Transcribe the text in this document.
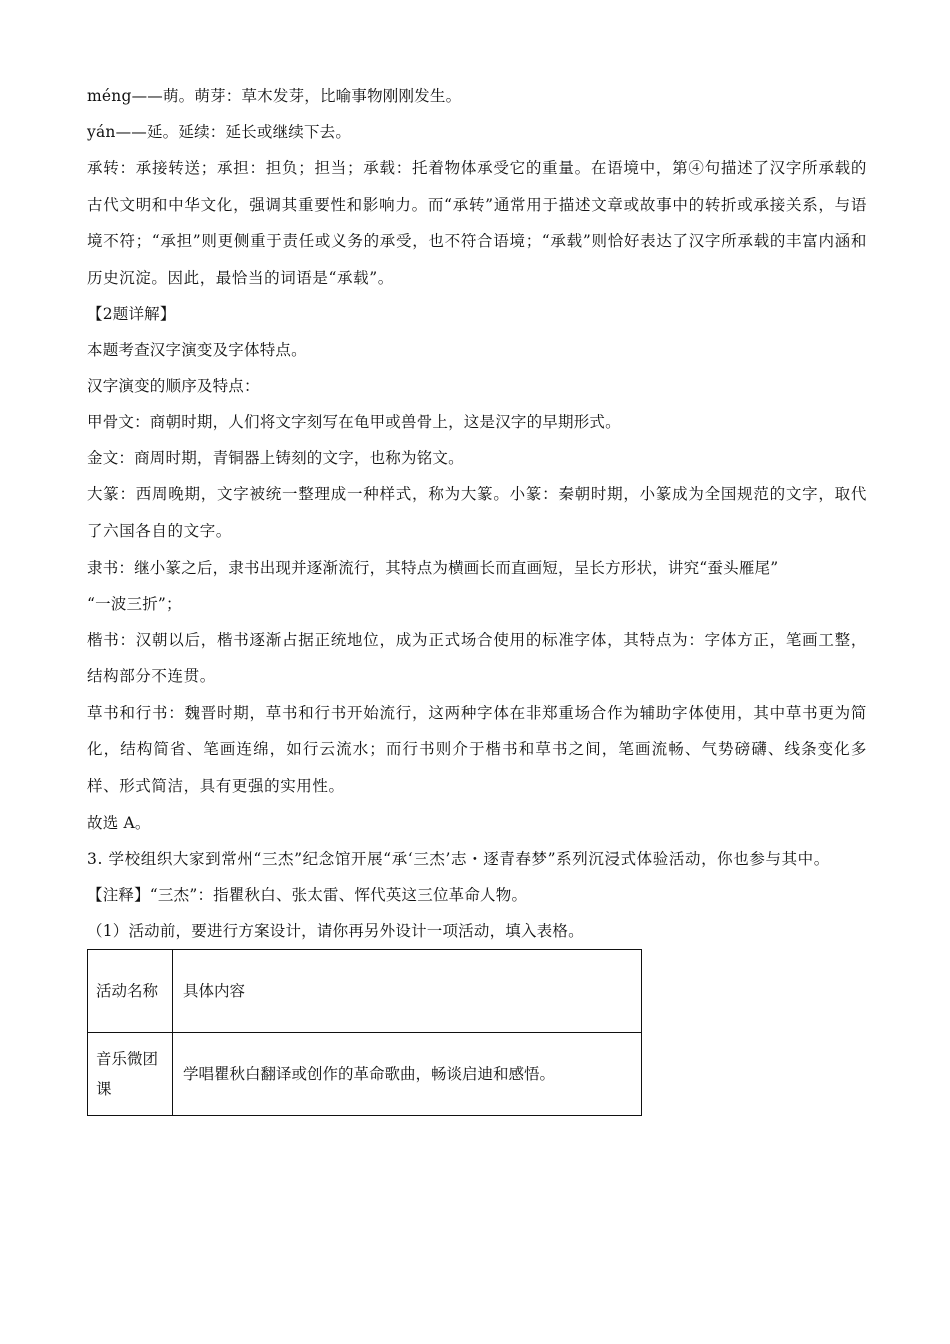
méng——萌。萌芽：草木发芽，比喻事物刚刚发生。
yán——延。延续：延长或继续下去。
承转：承接转送；承担：担负；担当；承载：托着物体承受它的重量。在语境中，第④句描述了汉字所承载的古代文明和中华文化，强调其重要性和影响力。而“承转”通常用于描述文章或故事中的转折或承接关系，与语境不符；“承担”则更侧重于责任或义务的承受，也不符合语境；“承载”则恰好表达了汉字所承载的丰富内涵和历史沉淀。因此，最恰当的词语是“承载”。
【2题详解】
本题考查汉字演变及字体特点。
汉字演变的顺序及特点：
甲骨文：商朝时期，人们将文字刻写在龟甲或兽骨上，这是汉字的早期形式。
金文：商周时期，青铜器上铸刻的文字，也称为铭文。
大篆：西周晚期，文字被统一整理成一种样式，称为大篆。小篆：秦朝时期，小篆成为全国规范的文字，取代了六国各自的文字。
隶书：继小篆之后，隶书出现并逐渐流行，其特点为横画长而直画短，呈长方形状，讲究“蚕头雁尾”
“一波三折”；
楷书：汉朝以后，楷书逐渐占据正统地位，成为正式场合使用的标准字体，其特点为：字体方正，笔画工整，结构部分不连贯。
草书和行书：魏晋时期，草书和行书开始流行，这两种字体在非郑重场合作为辅助字体使用，其中草书更为简化，结构简省、笔画连绵，如行云流水；而行书则介于楷书和草书之间，笔画流畅、气势磅礴、线条变化多样、形式简洁，具有更强的实用性。
故选 A。
3. 学校组织大家到常州“三杰”纪念馆开展“承‘三杰’志・逐青春梦”系列沉浸式体验活动，你也参与其中。
【注释】“三杰”：指瞿秋白、张太雷、恽代英这三位革命人物。
（1）活动前，要进行方案设计，请你再另外设计一项活动，填入表格。
活动名称	具体内容
音乐微团课	学唱瞿秋白翻译或创作的革命歌曲，畅谈启迪和感悟。
